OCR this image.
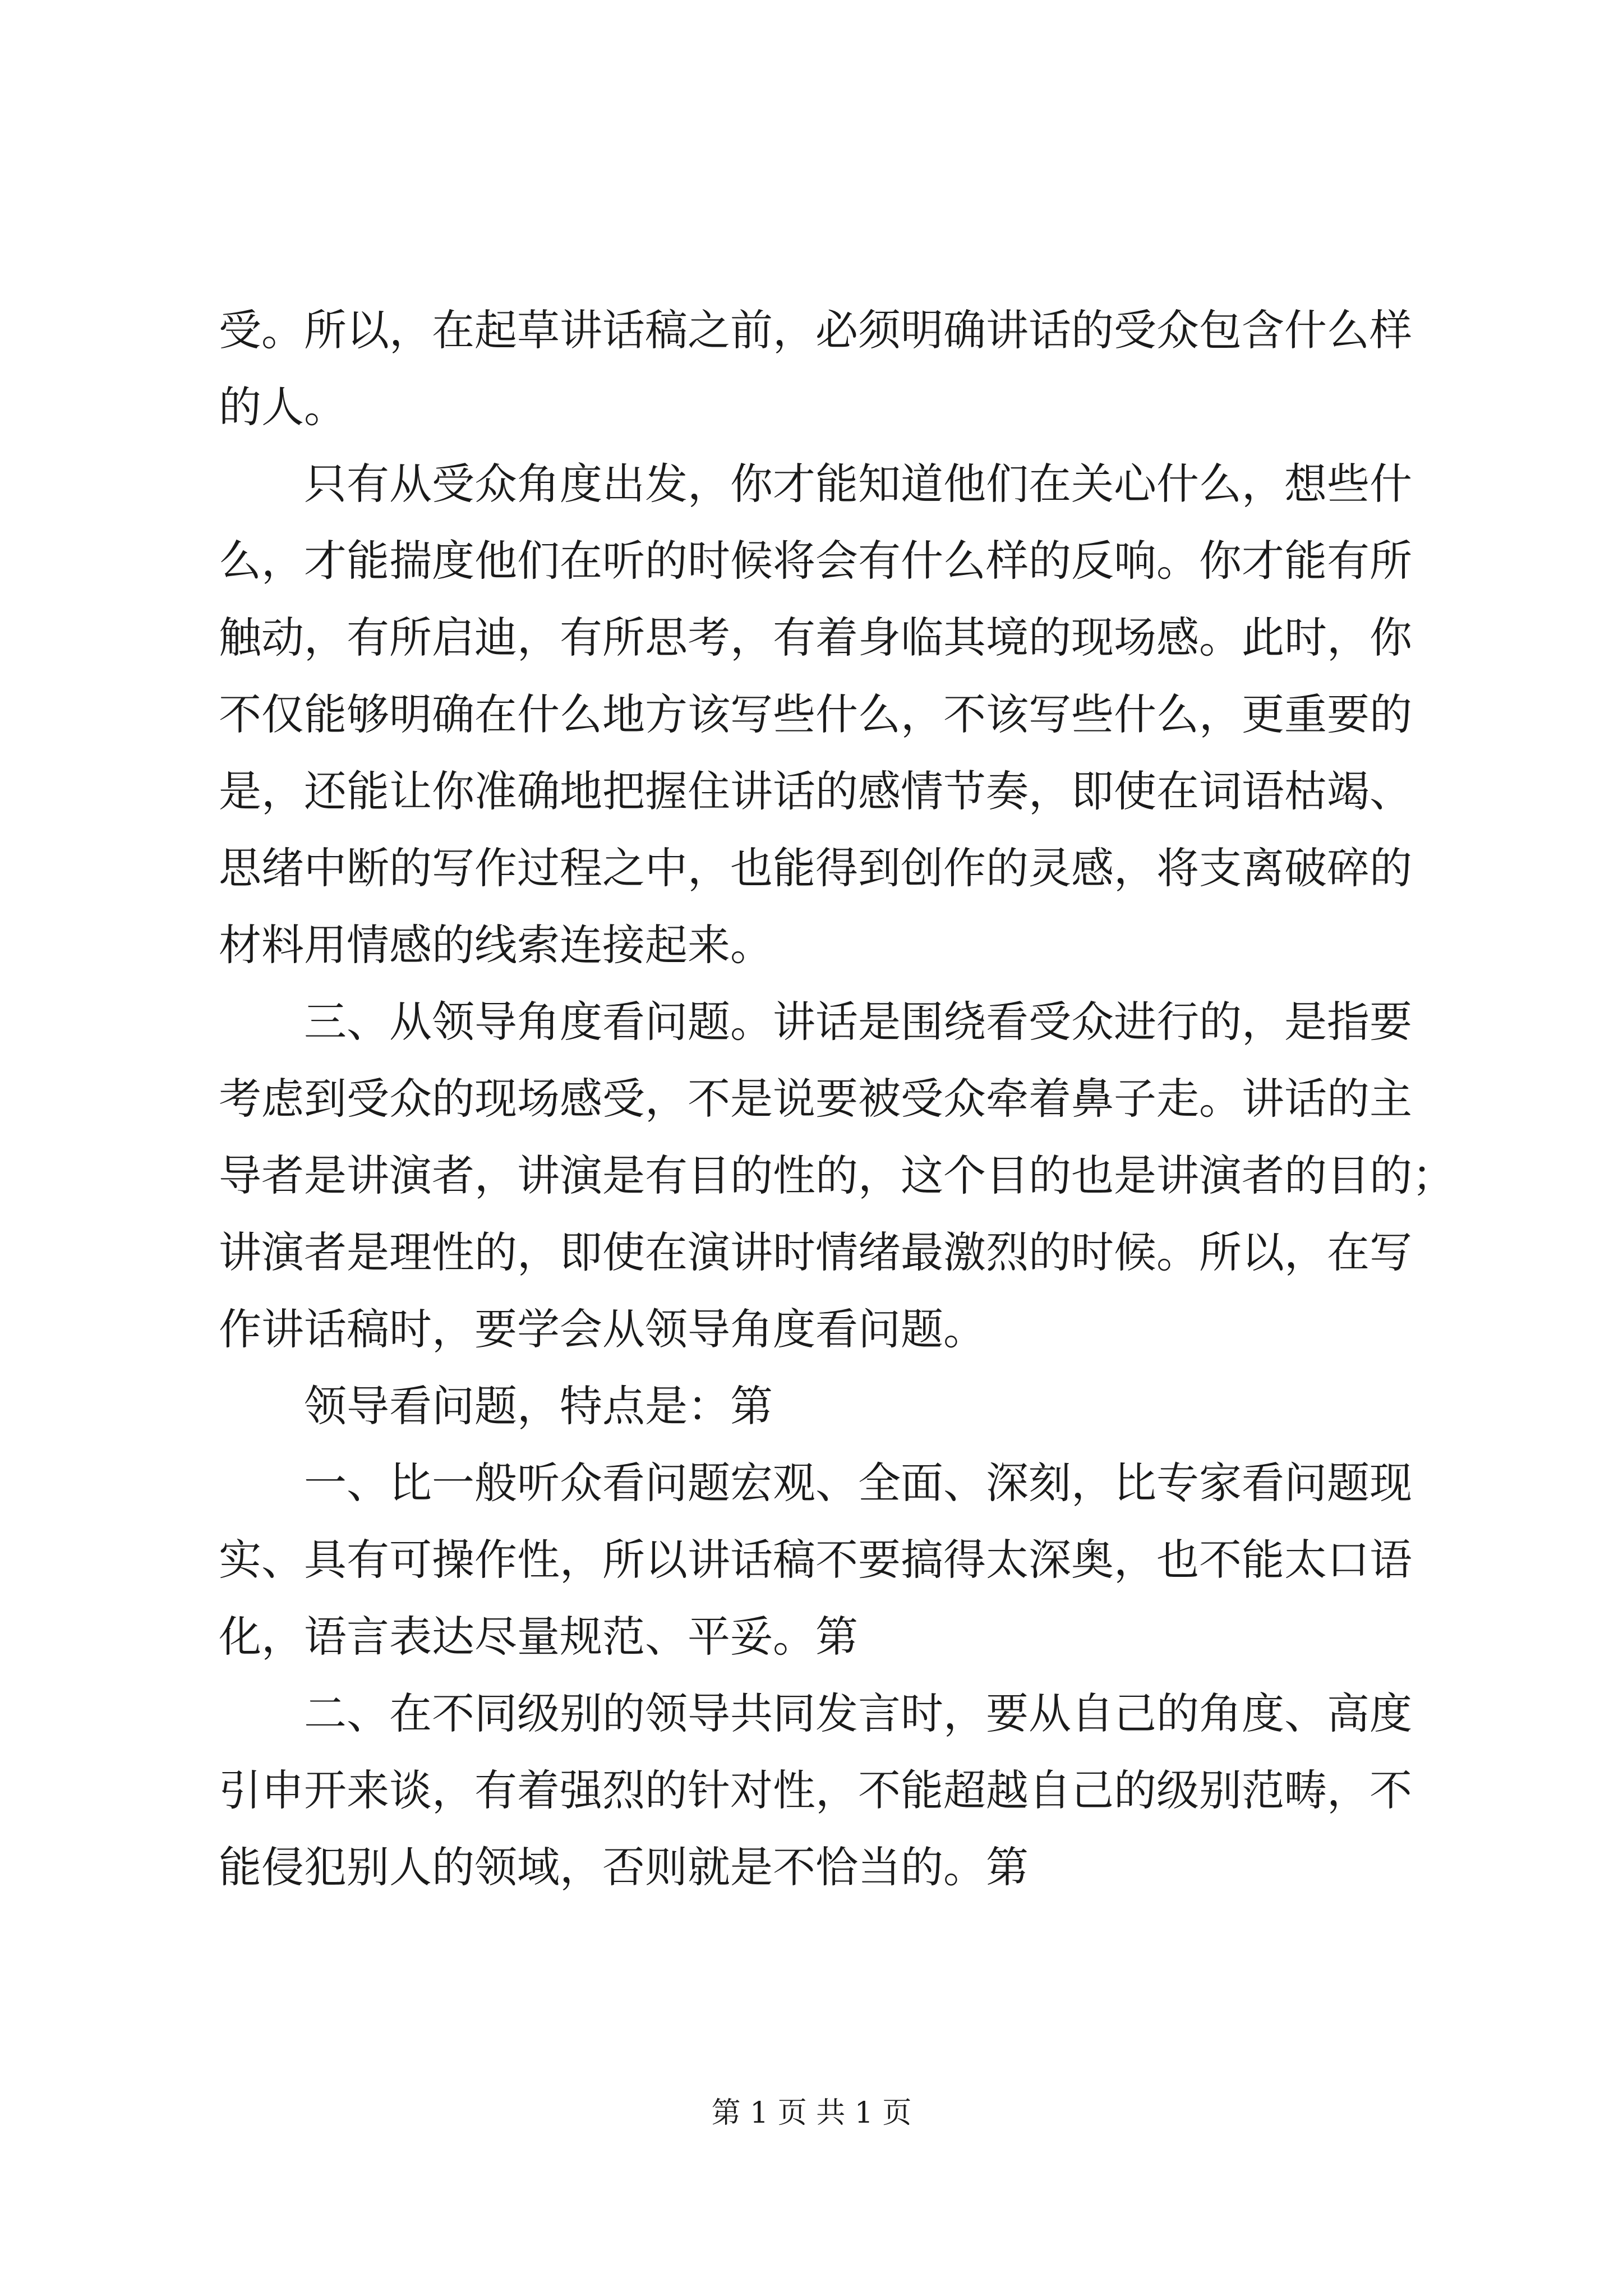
受。所以，在起草讲话稿之前，必须明确讲话的受众包含什么样
的人。
只有从受众角度出发，你才能知道他们在关心什么，想些什
么，才能揣度他们在听的时候将会有什么样的反响。你才能有所
触动，有所启迪，有所思考，有着身临其境的现场感。此时，你
不仅能够明确在什么地方该写些什么，不该写些什么，更重要的
是，还能让你准确地把握住讲话的感情节奏，即使在词语枯竭、
思绪中断的写作过程之中，也能得到创作的灵感，将支离破碎的
材料用情感的线索连接起来。
三、从领导角度看问题。讲话是围绕看受众进行的，是指要
考虑到受众的现场感受，不是说要被受众牵着鼻子走。讲话的主
导者是讲演者，讲演是有目的性的，这个目的也是讲演者的目的；
讲演者是理性的，即使在演讲时情绪最激烈的时候。所以，在写
作讲话稿时，要学会从领导角度看问题。
领导看问题，特点是：第
一、比一般听众看问题宏观、全面、深刻，比专家看问题现
实、具有可操作性，所以讲话稿不要搞得太深奥，也不能太口语
化，语言表达尽量规范、平妥。第
二、在不同级别的领导共同发言时，要从自己的角度、高度
引申开来谈，有着强烈的针对性，不能超越自己的级别范畴，不
能侵犯别人的领域，否则就是不恰当的。第
第 1 页 共 1 页
